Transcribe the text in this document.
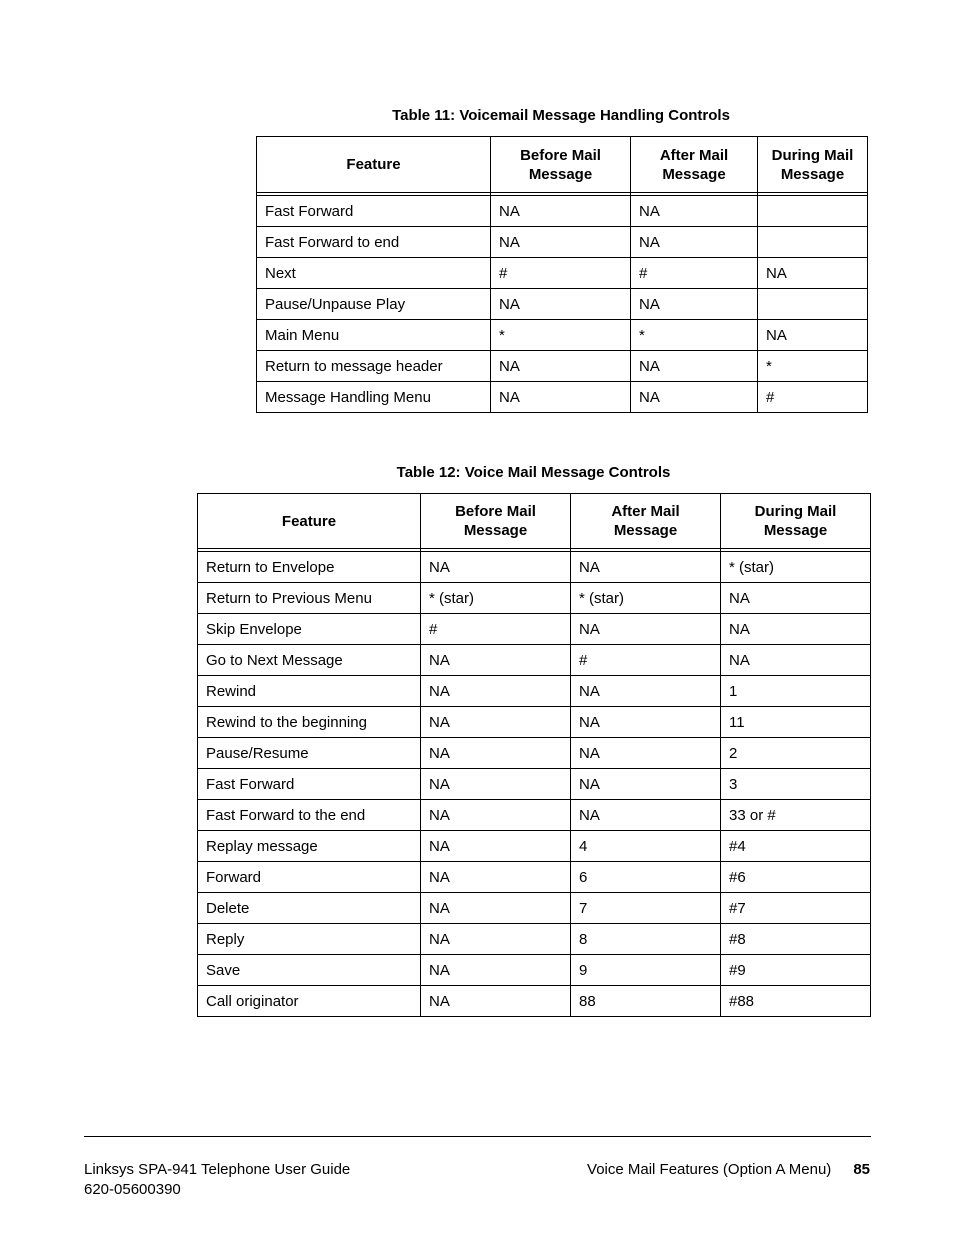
Table 11: Voicemail Message Handling Controls
Feature	Before Mail Message	After Mail Message	During Mail Message

Fast Forward	NA	NA	
Fast Forward to end	NA	NA	
Next	#	#	NA
Pause/Unpause Play	NA	NA	
Main Menu	*	*	NA
Return to message header	NA	NA	*
Message Handling Menu	NA	NA	#
Table 12: Voice Mail Message Controls
Feature	Before Mail Message	After Mail Message	During Mail Message

Return to Envelope	NA	NA	* (star)
Return to Previous Menu	* (star)	* (star)	NA
Skip Envelope	#	NA	NA
Go to Next Message	NA	#	NA
Rewind	NA	NA	1
Rewind to the beginning	NA	NA	11
Pause/Resume	NA	NA	2
Fast Forward	NA	NA	3
Fast Forward to the end	NA	NA	33 or #
Replay message	NA	4	#4
Forward	NA	6	#6
Delete	NA	7	#7
Reply	NA	8	#8
Save	NA	9	#9
Call originator	NA	88	#88
Linksys SPA-941 Telephone User Guide
620-05600390
Voice Mail Features (Option A Menu) 85
